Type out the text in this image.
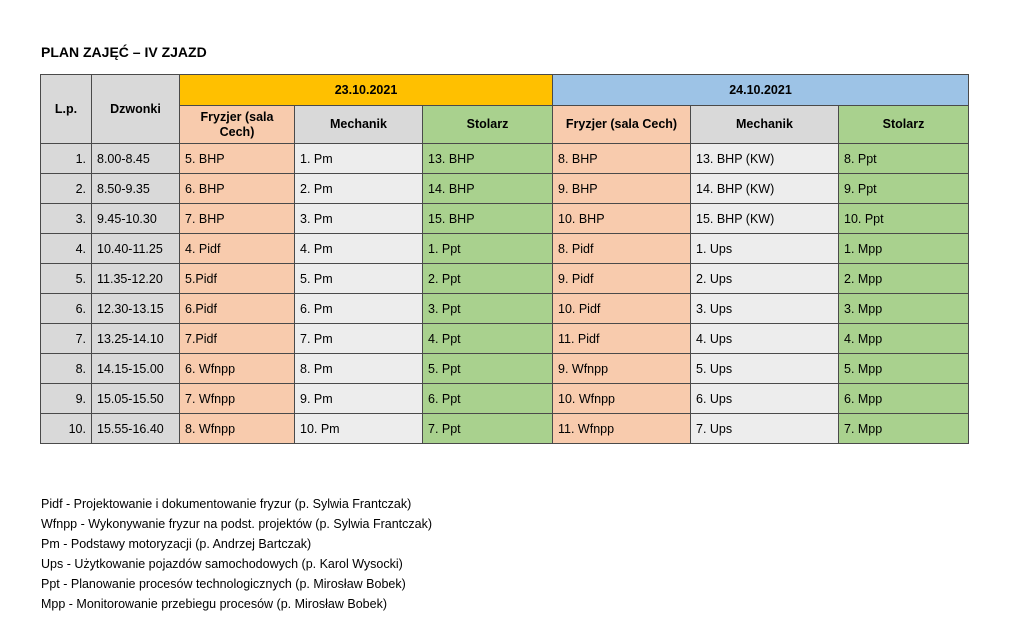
PLAN ZAJĘĆ – IV ZJAZD
L.p.	Dzwonki	23.10.2021			24.10.2021		
		Fryzjer (sala Cech)	Mechanik	Stolarz	Fryzjer (sala Cech)	Mechanik	Stolarz
1.	8.00-8.45	5. BHP	1. Pm	13. BHP	8. BHP	13. BHP (KW)	8. Ppt
2.	8.50-9.35	6. BHP	2. Pm	14. BHP	9. BHP	14. BHP (KW)	9. Ppt
3.	9.45-10.30	7. BHP	3. Pm	15. BHP	10. BHP	15. BHP (KW)	10. Ppt
4.	10.40-11.25	4. Pidf	4. Pm	1. Ppt	8. Pidf	1. Ups	1. Mpp
5.	11.35-12.20	5.Pidf	5. Pm	2. Ppt	9. Pidf	2. Ups	2. Mpp
6.	12.30-13.15	6.Pidf	6. Pm	3. Ppt	10. Pidf	3. Ups	3. Mpp
7.	13.25-14.10	7.Pidf	7. Pm	4. Ppt	11. Pidf	4. Ups	4. Mpp
8.	14.15-15.00	6. Wfnpp	8. Pm	5. Ppt	9. Wfnpp	5. Ups	5. Mpp
9.	15.05-15.50	7. Wfnpp	9. Pm	6. Ppt	10. Wfnpp	6. Ups	6. Mpp
10.	15.55-16.40	8. Wfnpp	10. Pm	7. Ppt	11. Wfnpp	7. Ups	7. Mpp
Pidf - Projektowanie i dokumentowanie fryzur (p. Sylwia Frantczak)
Wfnpp - Wykonywanie fryzur na podst. projektów (p. Sylwia Frantczak)
Pm - Podstawy motoryzacji (p. Andrzej Bartczak)
Ups - Użytkowanie pojazdów samochodowych (p. Karol Wysocki)
Ppt - Planowanie procesów technologicznych (p. Mirosław Bobek)
Mpp - Monitorowanie przebiegu procesów (p. Mirosław Bobek)
